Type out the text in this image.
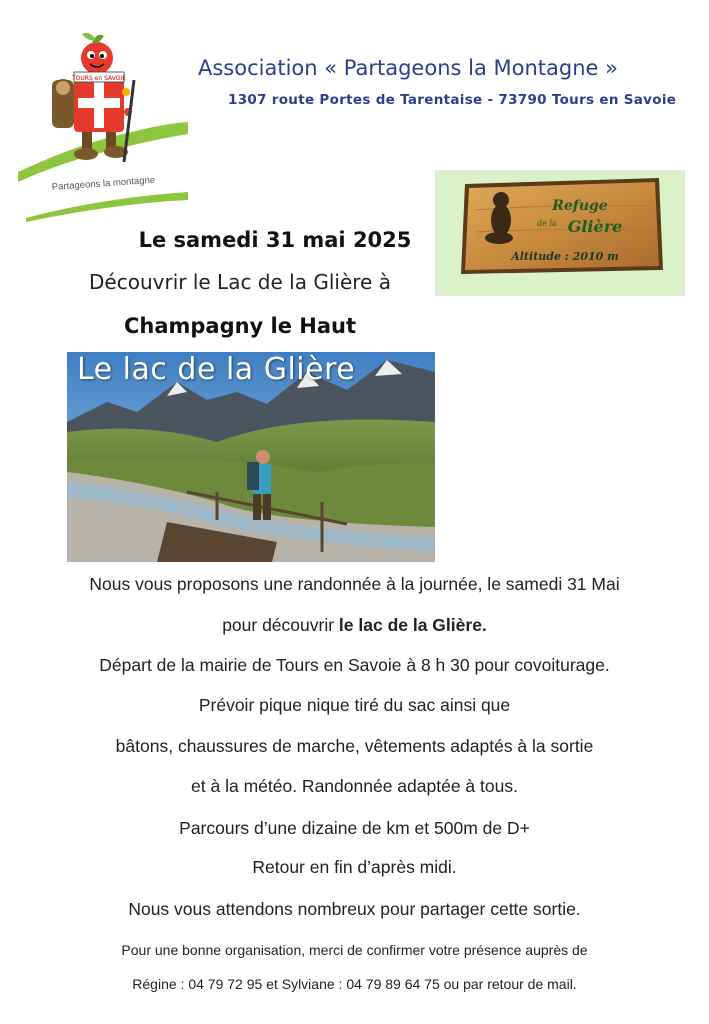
TOURS en SAVOIE
Partageons la montagne
Association « Partageons la Montagne »
1307 route Portes de Tarentaise - 73790 Tours en Savoie
Refuge
de la Glière
Altitude : 2010 m
Le samedi 31 mai 2025
Découvrir le Lac de la Glière à
Champagny le Haut
Le lac de la Glière
Nous vous proposons une randonnée à la journée, le samedi 31 Mai
pour découvrir le lac de la Glière.
Départ de la mairie de Tours en Savoie à 8 h 30 pour covoiturage.
Prévoir pique nique tiré du sac ainsi que
bâtons, chaussures de marche, vêtements adaptés à la sortie
et à la météo. Randonnée adaptée à tous.
Parcours d’une dizaine de km et 500m de D+
Retour en fin d’après midi.
Nous vous attendons nombreux pour partager cette sortie.
Pour une bonne organisation, merci de confirmer votre présence auprès de
Régine : 04 79 72 95 et Sylviane : 04 79 89 64 75 ou par retour de mail.
